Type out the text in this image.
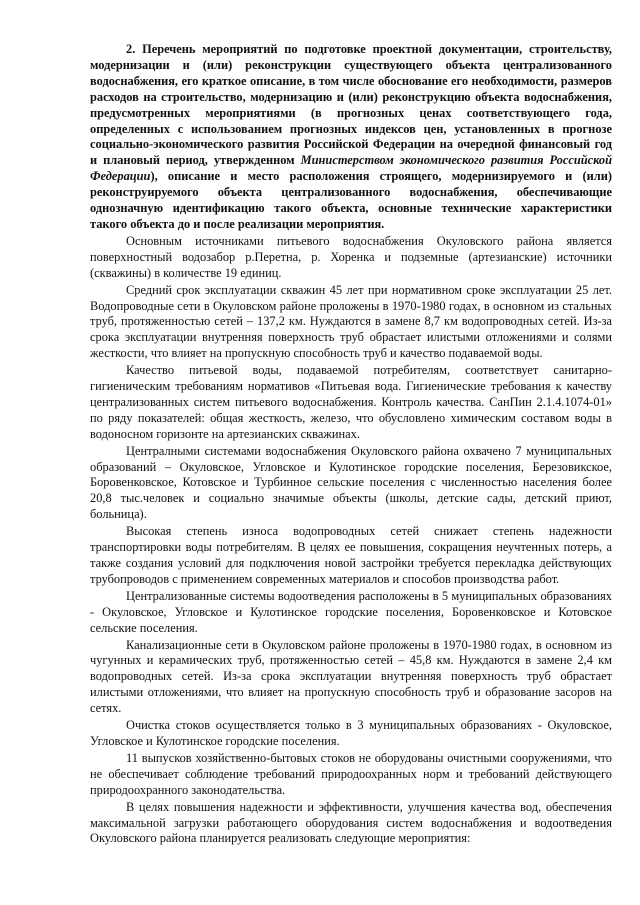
2. Перечень мероприятий по подготовке проектной документации, строительству, модернизации и (или) реконструкции существующего объекта централизованного водоснабжения, его краткое описание, в том числе обоснование его необходимости, размеров расходов на строительство, модернизацию и (или) реконструкцию объекта водоснабжения, предусмотренных мероприятиями (в прогнозных ценах соответствующего года, определенных с использованием прогнозных индексов цен, установленных в прогнозе социально-экономического развития Российской Федерации на очередной финансовый год и плановый период, утвержденном Министерством экономического развития Российской Федерации), описание и место расположения строящего, модернизируемого и (или) реконструируемого объекта централизованного водоснабжения, обеспечивающие однозначную идентификацию такого объекта, основные технические характеристики такого объекта до и после реализации мероприятия.

Основным источниками питьевого водоснабжения Окуловского района является поверхностный водозабор р.Перетна, р. Хоренка и подземные (артезианские) источники (скважины) в количестве 19 единиц.

Средний срок эксплуатации скважин 45 лет при нормативном сроке эксплуатации 25 лет. Водопроводные сети в Окуловском районе проложены в 1970-1980 годах, в основном из стальных труб, протяженностью сетей – 137,2 км. Нуждаются в замене 8,7 км водопроводных сетей. Из-за срока эксплуатации внутренняя поверхность труб обрастает илистыми отложениями и солями жесткости, что влияет на пропускную способность труб и качество подаваемой воды.

Качество питьевой воды, подаваемой потребителям, соответствует санитарно-гигиеническим требованиям нормативов «Питьевая вода. Гигиенические требования к качеству централизованных систем питьевого водоснабжения. Контроль качества. СанПин 2.1.4.1074-01» по ряду показателей: общая жесткость, железо, что обусловлено химическим составом воды в водоносном горизонте на артезианских скважинах.

Централными системами водоснабжения Окуловского района охвачено 7 муниципальных образований – Окуловское, Угловское и Кулотинское городские поселения, Березовикское, Боровенковское, Котовское и Турбинное сельские поселения с численностью населения более 20,8 тыс.человек и социально значимые объекты (школы, детские сады, детский приют, больница).

Высокая степень износа водопроводных сетей снижает степень надежности транспортировки воды потребителям. В целях ее повышения, сокращения неучтенных потерь, а также создания условий для подключения новой застройки требуется перекладка действующих трубопроводов с применением современных материалов и способов производства работ.

Централизованные системы водоотведения расположены в 5 муниципальных образованиях - Окуловское, Угловское и Кулотинское городские поселения, Боровенковское и Котовское сельские поселения.

Канализационные сети в Окуловском районе проложены в 1970-1980 годах, в основном из чугунных и керамических труб, протяженностью сетей – 45,8 км. Нуждаются в замене 2,4 км водопроводных сетей. Из-за срока эксплуатации внутренняя поверхность труб обрастает илистыми отложениями, что влияет на пропускную способность труб и образование засоров на сетях.

Очистка стоков осуществляется только в 3 муниципальных образованиях - Окуловское, Угловское и Кулотинское городские поселения.

11 выпусков хозяйственно-бытовых стоков не оборудованы очистными сооружениями, что не обеспечивает соблюдение требований природоохранных норм и требований действующего природоохранного законодательства.

В целях повышения надежности и эффективности, улучшения качества вод, обеспечения максимальной загрузки работающего оборудования систем водоснабжения и водоотведения Окуловского района планируется реализовать следующие мероприятия:
